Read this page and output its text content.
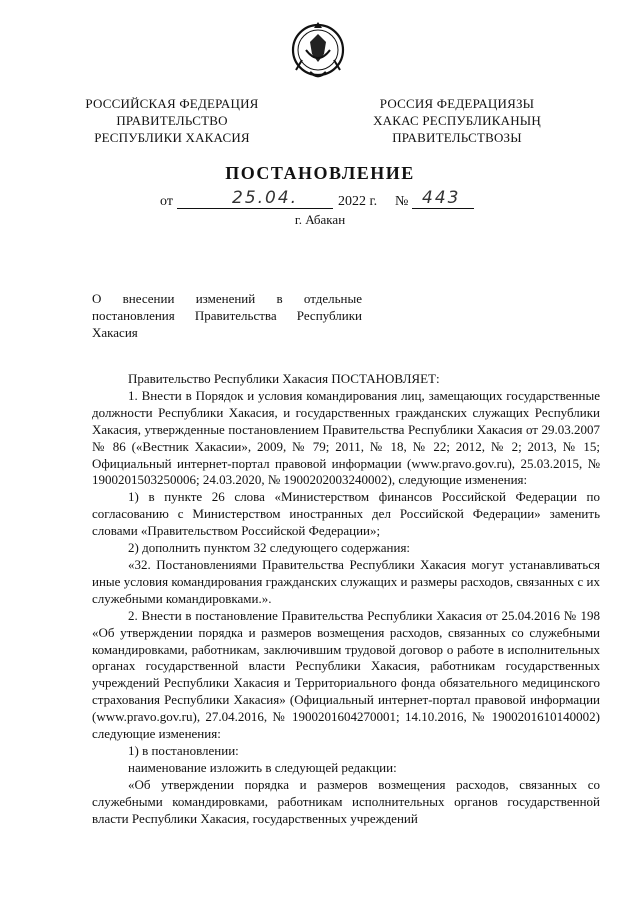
РОССИЙСКАЯ ФЕДЕРАЦИЯ
ПРАВИТЕЛЬСТВО
РЕСПУБЛИКИ ХАКАСИЯ
РОССИЯ ФЕДЕРАЦИЯЗЫ
ХАКАС РЕСПУБЛИКАНЫҢ
ПРАВИТЕЛЬСТВОЗЫ
ПОСТАНОВЛЕНИЕ
от	25.04.	2022 г. № 443
г. Абакан
О внесении изменений в отдельные постановления Правительства Республики Хакасия

Правительство Республики Хакасия ПОСТАНОВЛЯЕТ:

1. Внести в Порядок и условия командирования лиц, замещающих государственные должности Республики Хакасия, и государственных гражданских служащих Республики Хакасия, утвержденные постановлением Правительства Республики Хакасия от 29.03.2007 № 86 («Вестник Хакасии», 2009, № 79; 2011, № 18, № 22; 2012, № 2; 2013, № 15; Официальный интернет-портал правовой информации (www.pravo.gov.ru), 25.03.2015, № 1900201503250006; 24.03.2020, № 1900202003240002), следующие изменения:

1) в пункте 26 слова «Министерством финансов Российской Федерации по согласованию с Министерством иностранных дел Российской Федерации» заменить словами «Правительством Российской Федерации»;

2) дополнить пунктом 32 следующего содержания:

«32. Постановлениями Правительства Республики Хакасия могут устанавливаться иные условия командирования гражданских служащих и размеры расходов, связанных с их служебными командировками.».

2. Внести в постановление Правительства Республики Хакасия от 25.04.2016 № 198 «Об утверждении порядка и размеров возмещения расходов, связанных со служебными командировками, работникам, заключившим трудовой договор о работе в исполнительных органах государственной власти Республики Хакасия, работникам государственных учреждений Республики Хакасия и Территориального фонда обязательного медицинского страхования Республики Хакасия» (Официальный интернет-портал правовой информации (www.pravo.gov.ru), 27.04.2016, № 1900201604270001; 14.10.2016, № 1900201610140002) следующие изменения:

1) в постановлении:

наименование изложить в следующей редакции:

«Об утверждении порядка и размеров возмещения расходов, связанных со служебными командировками, работникам исполнительных органов государственной власти Республики Хакасия, государственных учреждений
